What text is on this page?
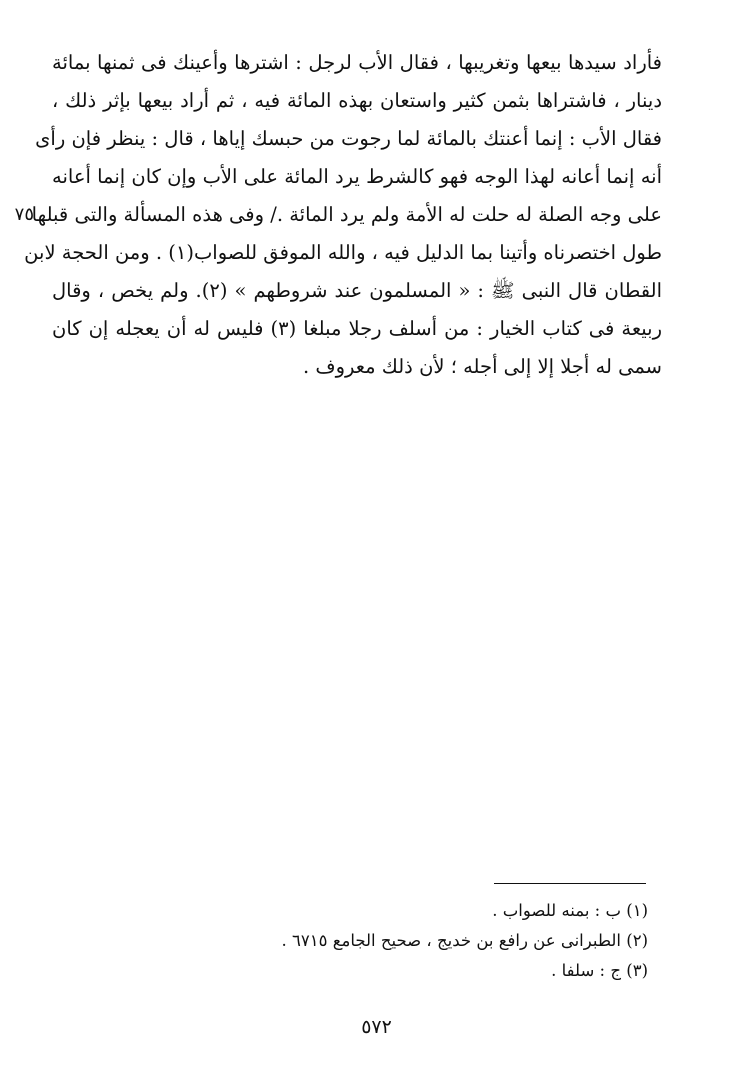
فأراد سيدها بيعها وتغريبها ، فقال الأب لرجل : اشترها وأعينك فى ثمنها بمائة
دينار ، فاشتراها بثمن كثير واستعان بهذه المائة فيه ، ثم أراد بيعها بإثر ذلك ،
فقال الأب : إنما أعنتك بالمائة لما رجوت من حبسك إياها ، قال : ينظر فإن رأى
أنه إنما أعانه لهذا الوجه فهو كالشرط يرد المائة على الأب وإن كان إنما أعانه
على وجه الصلة له حلت له الأمة ولم يرد المائة ./ وفى هذه المسألة والتى قبلها
٧٥
طول اختصرناه وأتينا بما الدليل فيه ، والله الموفق للصواب(١) . ومن الحجة لابن
القطان قال النبى ﷺ : « المسلمون عند شروطهم » (٢). ولم يخص ، وقال
ربيعة فى كتاب الخيار : من أسلف رجلا مبلغا (٣) فليس له أن يعجله إن كان
سمى له أجلا إلا إلى أجله ؛ لأن ذلك معروف .
(١) ب : بمنه للصواب .
(٢) الطبرانى عن رافع بن خديج ، صحيح الجامع ٦٧١٥ .
(٣) ج : سلفا .
٥٧٢
